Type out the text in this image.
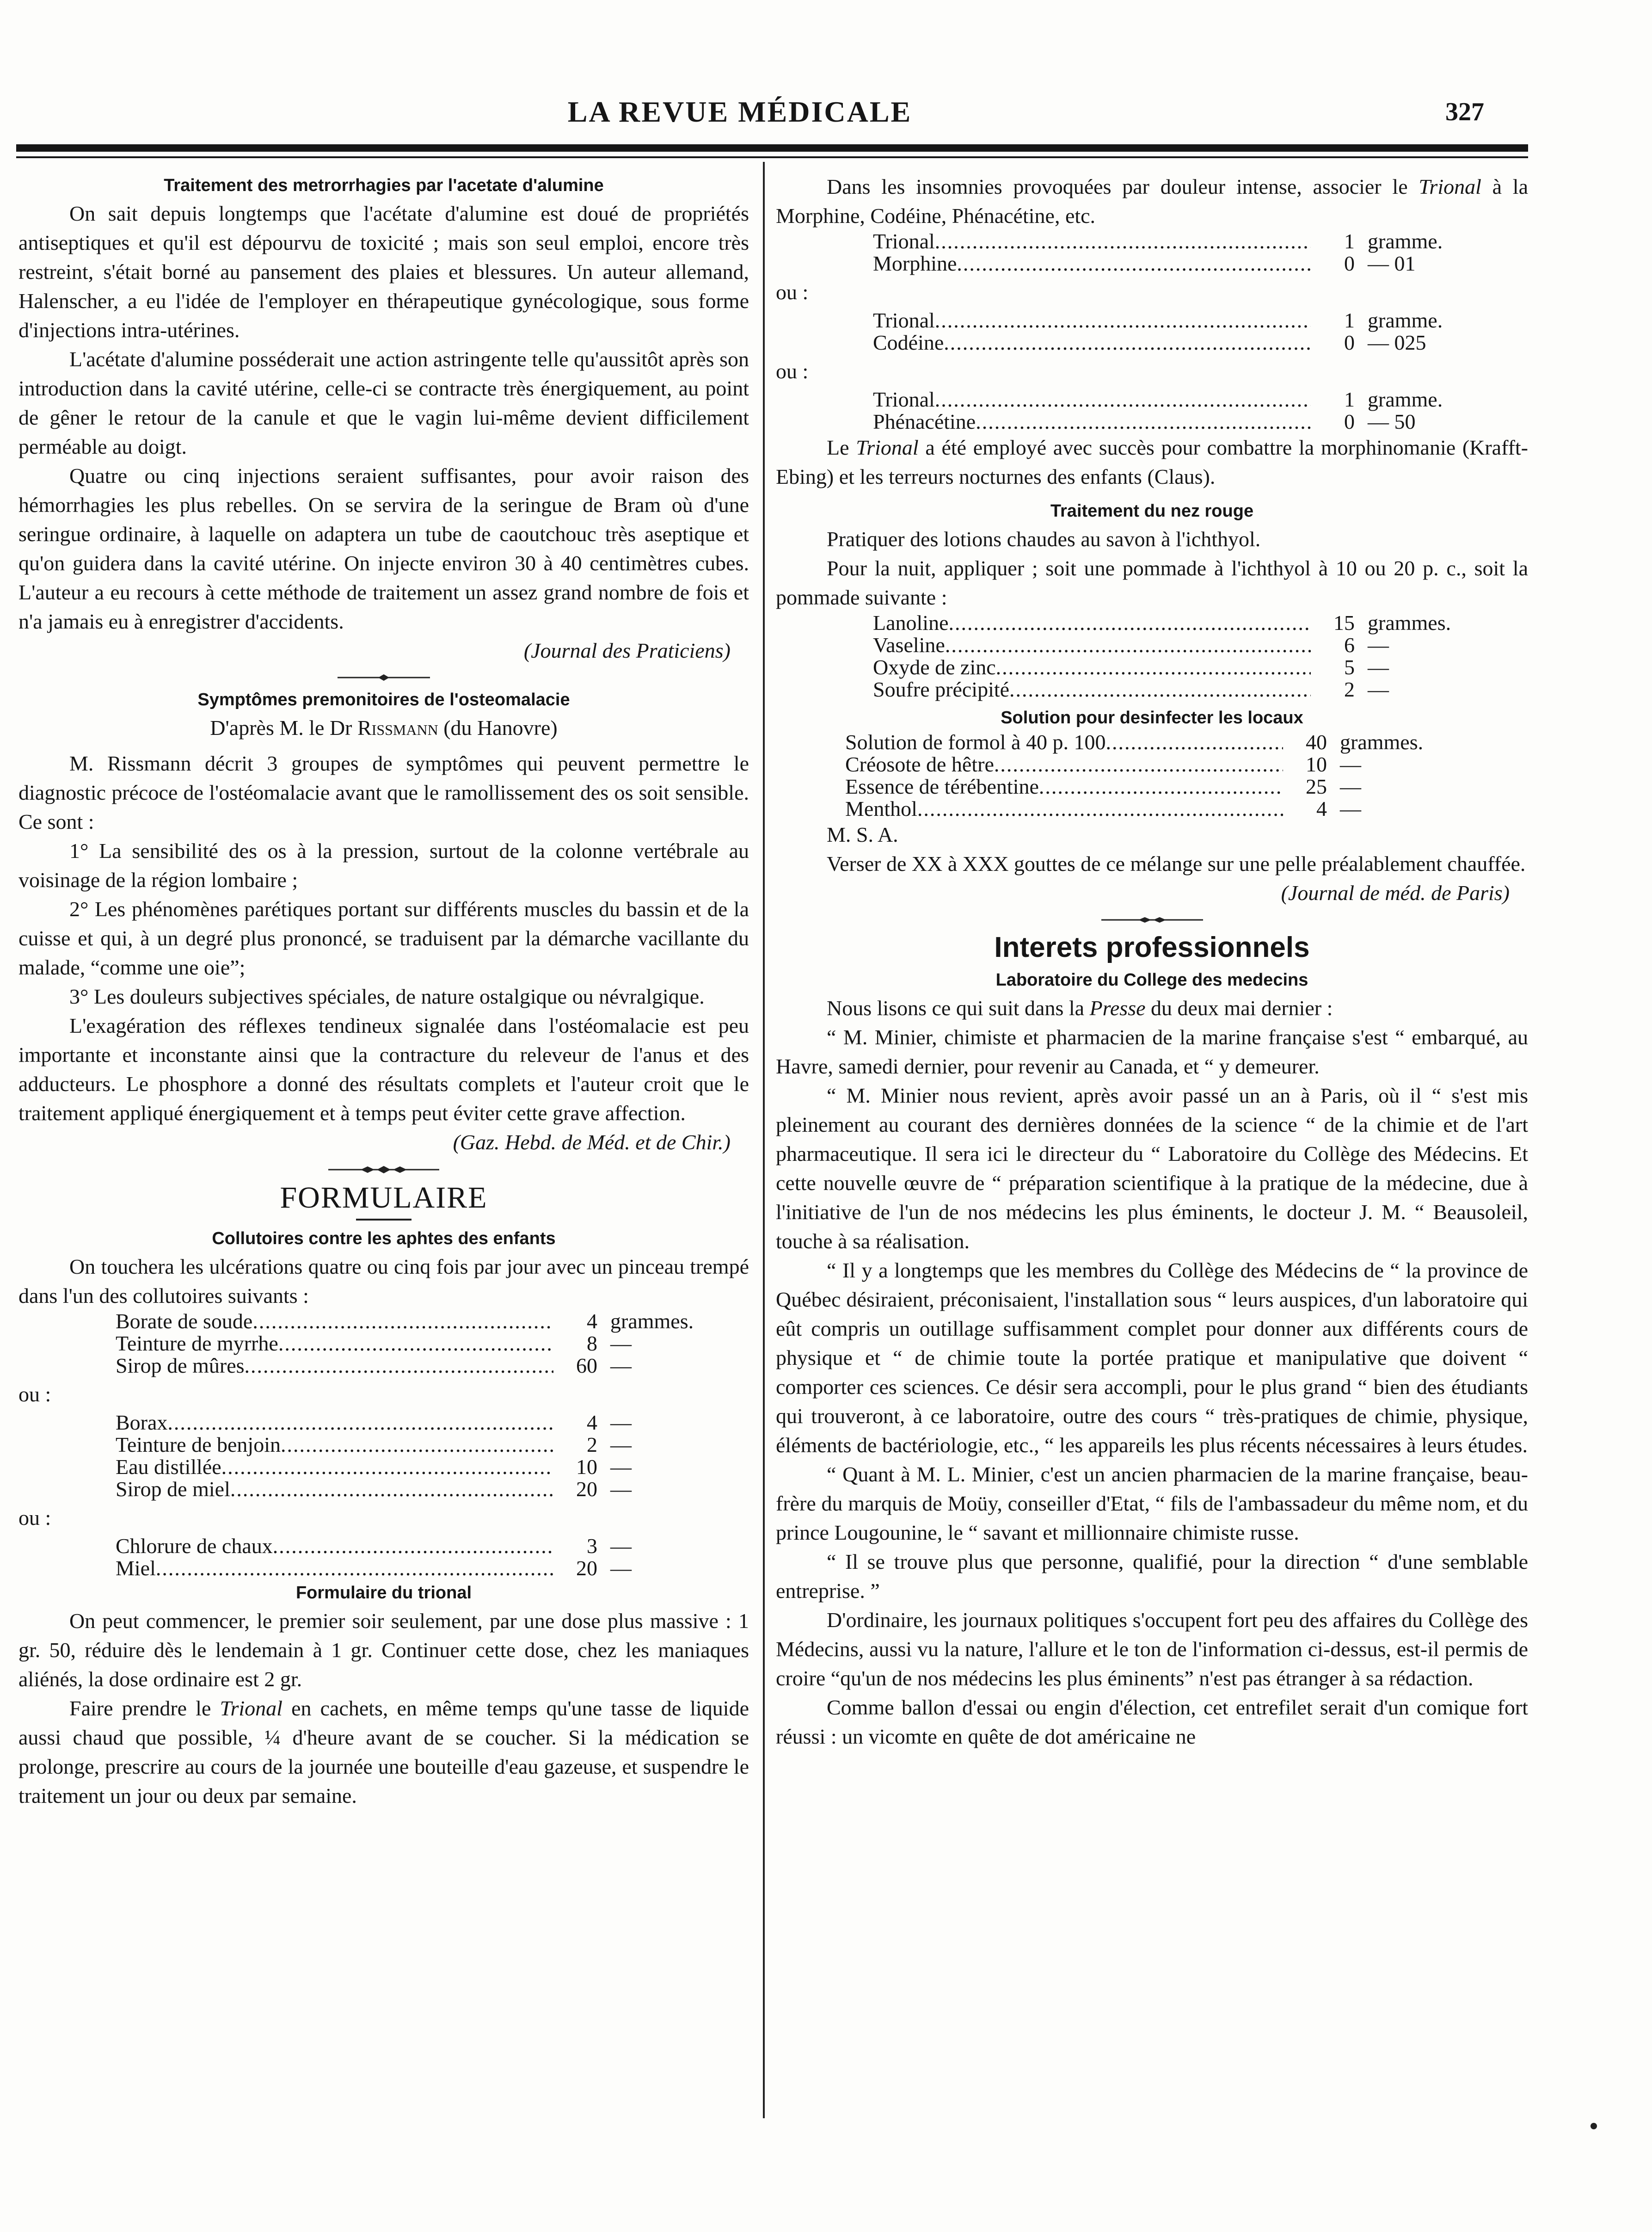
LA REVUE MÉDICALE	327
Traitement des metrorrhagies par l'acetate d'alumine

On sait depuis longtemps que l'acétate d'alumine est doué de propriétés antiseptiques et qu'il est dépourvu de toxicité ; mais son seul emploi, encore très restreint, s'était borné au pansement des plaies et blessures. Un auteur allemand, Halenscher, a eu l'idée de l'employer en thérapeutique gynécologique, sous forme d'injections intra-utérines.

L'acétate d'alumine posséderait une action astringente telle qu'aussitôt après son introduction dans la cavité utérine, celle-ci se contracte très énergiquement, au point de gêner le retour de la canule et que le vagin lui-même devient difficilement perméable au doigt.

Quatre ou cinq injections seraient suffisantes, pour avoir raison des hémorrhagies les plus rebelles. On se servira de la seringue de Bram où d'une seringue ordinaire, à laquelle on adaptera un tube de caoutchouc très aseptique et qu'on guidera dans la cavité utérine. On injecte environ 30 à 40 centimètres cubes. L'auteur a eu recours à cette méthode de traitement un assez grand nombre de fois et n'a jamais eu à enregistrer d'accidents.

(Journal des Praticiens)

Symptômes premonitoires de l'osteomalacie
D'après M. le Dr Rissmann (du Hanovre)

M. Rissmann décrit 3 groupes de symptômes qui peuvent permettre le diagnostic précoce de l'ostéomalacie avant que le ramollissement des os soit sensible. Ce sont :

1° La sensibilité des os à la pression, surtout de la colonne vertébrale au voisinage de la région lombaire ;

2° Les phénomènes parétiques portant sur différents muscles du bassin et de la cuisse et qui, à un degré plus prononcé, se traduisent par la démarche vacillante du malade, “comme une oie”;

3° Les douleurs subjectives spéciales, de nature ostalgique ou névralgique.

L'exagération des réflexes tendineux signalée dans l'ostéomalacie est peu importante et inconstante ainsi que la contracture du releveur de l'anus et des adducteurs. Le phosphore a donné des résultats complets et l'auteur croit que le traitement appliqué énergiquement et à temps peut éviter cette grave affection.

(Gaz. Hebd. de Méd. et de Chir.)

FORMULAIRE
Collutoires contre les aphtes des enfants

On touchera les ulcérations quatre ou cinq fois par jour avec un pinceau trempé dans l'un des collutoires suivants :

Borate de soude .....	4 grammes.
Teinture de myrrhe .....	8 —
Sirop de mûres .....	60 —
ou :
Borax .....	4 —
Teinture de benjoin .....	2 —
Eau distillée .....	10 —
Sirop de miel .....	20 —
ou :
Chlorure de chaux .....	3 —
Miel .....	20 —
Formulaire du trional

On peut commencer, le premier soir seulement, par une dose plus massive : 1 gr. 50, réduire dès le lendemain à 1 gr. Continuer cette dose, chez les maniaques aliénés, la dose ordinaire est 2 gr.

Faire prendre le Trional en cachets, en même temps qu'une tasse de liquide aussi chaud que possible, ¼ d'heure avant de se coucher. Si la médication se prolonge, prescrire au cours de la journée une bouteille d'eau gazeuse, et suspendre le traitement un jour ou deux par semaine.

Dans les insomnies provoquées par douleur intense, associer le Trional à la Morphine, Codéine, Phénacétine, etc.

Trional .....	1 gramme.
Morphine .....	0 — 01
ou :
Trional .....	1 gramme.
Codéine .....	0 — 025
ou :
Trional .....	1 gramme.
Phénacétine .....	0 — 50

Le Trional a été employé avec succès pour combattre la morphinomanie (Krafft-Ebing) et les terreurs nocturnes des enfants (Claus).

Traitement du nez rouge

Pratiquer des lotions chaudes au savon à l'ichthyol.

Pour la nuit, appliquer ; soit une pommade à l'ichthyol à 10 ou 20 p. c., soit la pommade suivante :

Lanoline .....	15 grammes.
Vaseline .....	6 —
Oxyde de zinc .....	5 —
Soufre précipité .....	2 —
Solution pour desinfecter les locaux
Solution de formol à 40 p. 100 .....	40 grammes.
Créosote de hêtre .....	10 —
Essence de térébentine .....	25 —
Menthol .....	4 —

M. S. A.

Verser de XX à XXX gouttes de ce mélange sur une pelle préalablement chauffée.

(Journal de méd. de Paris)

Interets professionnels
Laboratoire du College des medecins

Nous lisons ce qui suit dans la Presse du deux mai dernier :

“ M. Minier, chimiste et pharmacien de la marine française s'est “ embarqué, au Havre, samedi dernier, pour revenir au Canada, et “ y demeurer.

“ M. Minier nous revient, après avoir passé un an à Paris, où il “ s'est mis pleinement au courant des dernières données de la science “ de la chimie et de l'art pharmaceutique. Il sera ici le directeur du “ Laboratoire du Collège des Médecins. Et cette nouvelle œuvre de “ préparation scientifique à la pratique de la médecine, due à l'initiative de l'un de nos médecins les plus éminents, le docteur J. M. “ Beausoleil, touche à sa réalisation.

“ Il y a longtemps que les membres du Collège des Médecins de “ la province de Québec désiraient, préconisaient, l'installation sous “ leurs auspices, d'un laboratoire qui eût compris un outillage suffisamment complet pour donner aux différents cours de physique et “ de chimie toute la portée pratique et manipulative que doivent “ comporter ces sciences. Ce désir sera accompli, pour le plus grand “ bien des étudiants qui trouveront, à ce laboratoire, outre des cours “ très-pratiques de chimie, physique, éléments de bactériologie, etc., “ les appareils les plus récents nécessaires à leurs études.

“ Quant à M. L. Minier, c'est un ancien pharmacien de la marine française, beau-frère du marquis de Moüy, conseiller d'Etat, “ fils de l'ambassadeur du même nom, et du prince Lougounine, le “ savant et millionnaire chimiste russe.

“ Il se trouve plus que personne, qualifié, pour la direction “ d'une semblable entreprise. ”

D'ordinaire, les journaux politiques s'occupent fort peu des affaires du Collège des Médecins, aussi vu la nature, l'allure et le ton de l'information ci-dessus, est-il permis de croire “qu'un de nos médecins les plus éminents” n'est pas étranger à sa rédaction.

Comme ballon d'essai ou engin d'élection, cet entrefilet serait d'un comique fort réussi : un vicomte en quête de dot américaine ne
